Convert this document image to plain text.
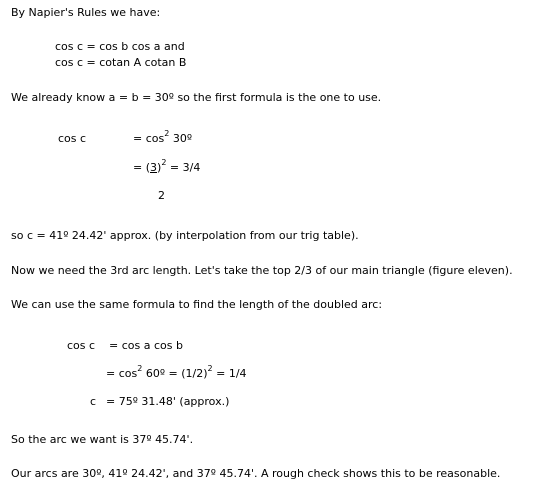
By Napier's Rules we have:
cos c = cos b cos a and
cos c = cotan A cotan B
We already know a = b = 30º so the first formula is the one to use.
cos c	= $\cos^2$ 30º
= $(3)^2 = 3/4$
2
so c = 41º 24.42' approx. (by interpolation from our trig table).
Now we need the 3rd arc length. Let's take the top 2/3 of our main triangle (figure eleven).
We can use the same formula to find the length of the doubled arc:
cos c = cos a cos b
= $\cos^2$ 60º = $(1/2)^2 = 1/4$
c = 75º 31.48' (approx.)
So the arc we want is 37º 45.74'.
Our arcs are 30º, 41º 24.42', and 37º 45.74'. A rough check shows this to be reasonable.
